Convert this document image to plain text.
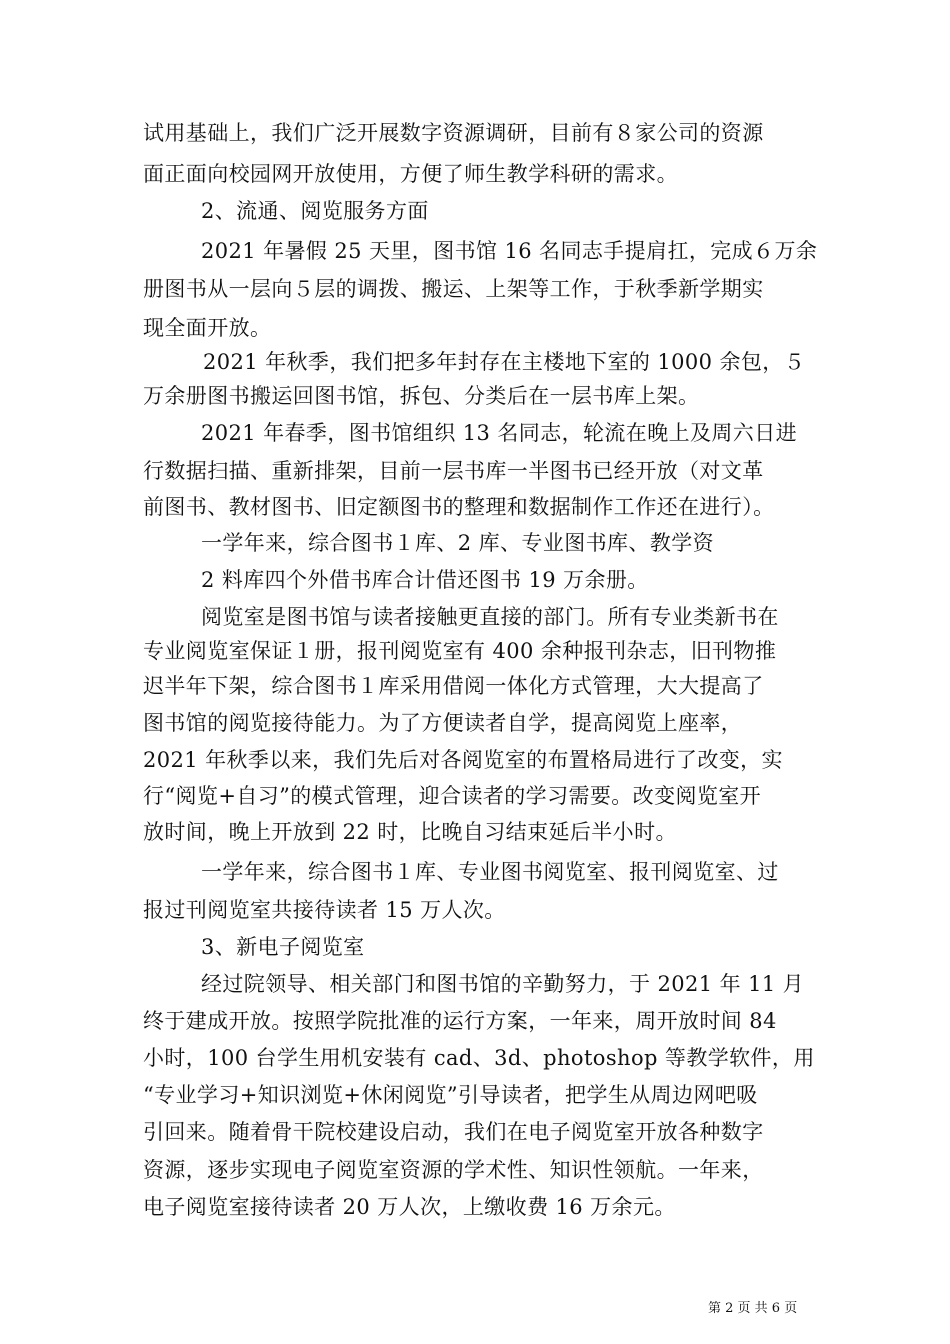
试用基础上，我们广泛开展数字资源调研，目前有８家公司的资源
面正面向校园网开放使用，方便了师生教学科研的需求。
2、流通、阅览服务方面
2021 年暑假 25 天里，图书馆 16 名同志手提肩扛，完成６万余
册图书从一层向５层的调拨、搬运、上架等工作，于秋季新学期实
现全面开放。
2021 年秋季，我们把多年封存在主楼地下室的 1000 余包，５
万余册图书搬运回图书馆，拆包、分类后在一层书库上架。
2021 年春季，图书馆组织 13 名同志，轮流在晚上及周六日进
行数据扫描、重新排架，目前一层书库一半图书已经开放（对文革
前图书、教材图书、旧定额图书的整理和数据制作工作还在进行）。
一学年来，综合图书１库、2 库、专业图书库、教学资
2 料库四个外借书库合计借还图书 19 万余册。
阅览室是图书馆与读者接触更直接的部门。所有专业类新书在
专业阅览室保证１册，报刊阅览室有 400 余种报刊杂志，旧刊物推
迟半年下架，综合图书１库采用借阅一体化方式管理，大大提高了
图书馆的阅览接待能力。为了方便读者自学，提高阅览上座率，
2021 年秋季以来，我们先后对各阅览室的布置格局进行了改变，实
行“阅览+自习”的模式管理，迎合读者的学习需要。改变阅览室开
放时间，晚上开放到 22 时，比晚自习结束延后半小时。
一学年来，综合图书１库、专业图书阅览室、报刊阅览室、过
报过刊阅览室共接待读者 15 万人次。
3、新电子阅览室
经过院领导、相关部门和图书馆的辛勤努力，于 2021 年 11 月
终于建成开放。按照学院批准的运行方案，一年来，周开放时间 84
小时，100 台学生用机安装有 cad、3d、photoshop 等教学软件，用
“专业学习+知识浏览+休闲阅览”引导读者，把学生从周边网吧吸
引回来。随着骨干院校建设启动，我们在电子阅览室开放各种数字
资源，逐步实现电子阅览室资源的学术性、知识性领航。一年来，
电子阅览室接待读者 20 万人次，上缴收费 16 万余元。
第 2 页 共 6 页
